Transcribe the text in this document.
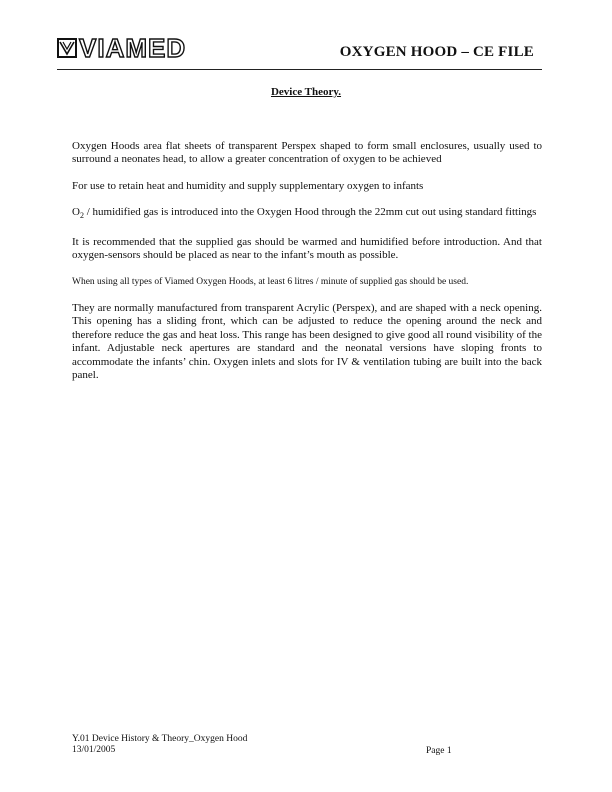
VIAMED	OXYGEN HOOD – CE FILE
Device Theory.

Oxygen Hoods area flat sheets of transparent Perspex shaped to form small enclosures, usually used to surround a neonates head, to allow a greater concentration of oxygen to be achieved

For use to retain heat and humidity and supply supplementary oxygen to infants

$O_2$ / humidified gas is introduced into the Oxygen Hood through the 22mm cut out using standard fittings

It is recommended that the supplied gas should be warmed and humidified before introduction. And that oxygen-sensors should be placed as near to the infant’s mouth as possible.

When using all types of Viamed Oxygen Hoods, at least 6 litres / minute of supplied gas should be used.

They are normally manufactured from transparent Acrylic (Perspex), and are shaped with a neck opening. This opening has a sliding front, which can be adjusted to reduce the opening around the neck and therefore reduce the gas and heat loss. This range has been designed to give good all round visibility of the infant. Adjustable neck apertures are standard and the neonatal versions have sloping fronts to accommodate the infants’ chin. Oxygen inlets and slots for IV & ventilation tubing are built into the back panel.

Y.01 Device History & Theory_Oxygen Hood
13/01/2005	Page 1
